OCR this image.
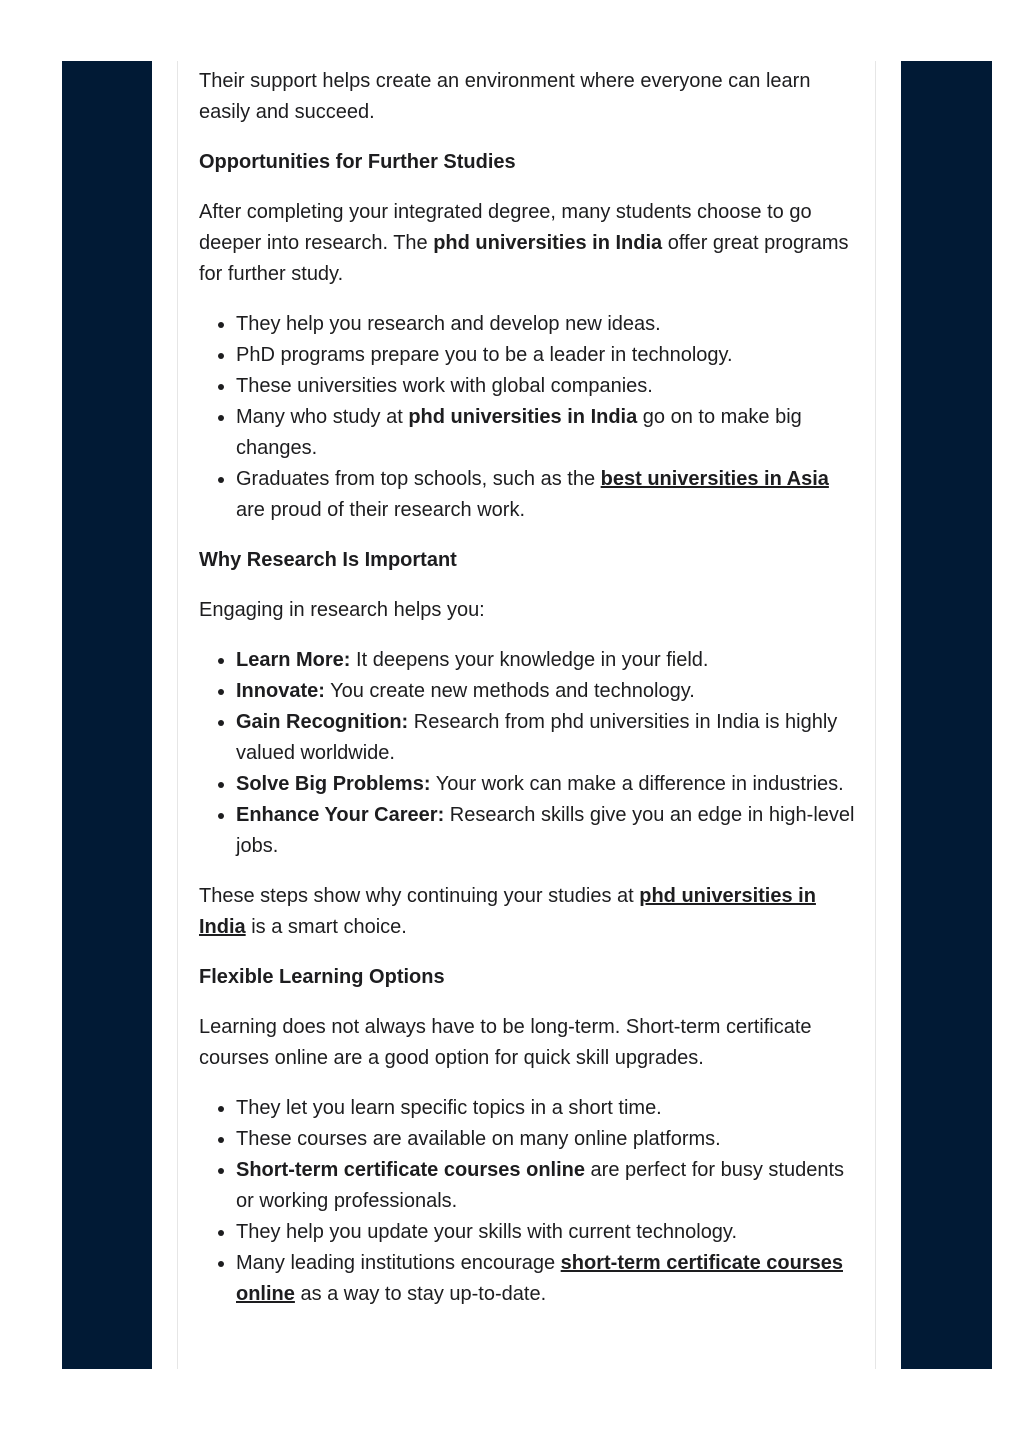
Their support helps create an environment where everyone can learn easily and succeed.

Opportunities for Further Studies

After completing your integrated degree, many students choose to go deeper into research. The phd universities in India offer great programs for further study.

• They help you research and develop new ideas.
• PhD programs prepare you to be a leader in technology.
• These universities work with global companies.
• Many who study at phd universities in India go on to make big changes.
• Graduates from top schools, such as the best universities in Asia are proud of their research work.
Why Research Is Important

Engaging in research helps you:

• Learn More: It deepens your knowledge in your field.
• Innovate: You create new methods and technology.
• Gain Recognition: Research from phd universities in India is highly valued worldwide.
• Solve Big Problems: Your work can make a difference in industries.
• Enhance Your Career: Research skills give you an edge in high-level jobs.

These steps show why continuing your studies at phd universities in India is a smart choice.

Flexible Learning Options

Learning does not always have to be long-term. Short-term certificate courses online are a good option for quick skill upgrades.

• They let you learn specific topics in a short time.
• These courses are available on many online platforms.
• Short-term certificate courses online are perfect for busy students or working professionals.
• They help you update your skills with current technology.
• Many leading institutions encourage short-term certificate courses online as a way to stay up-to-date.
